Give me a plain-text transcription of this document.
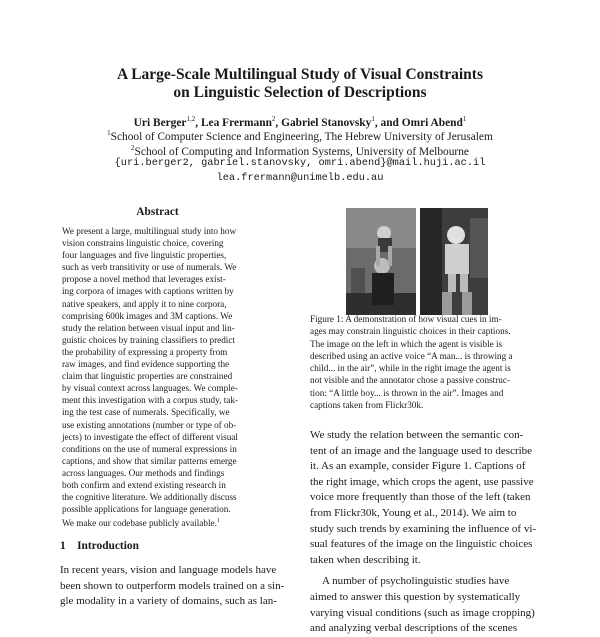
A Large-Scale Multilingual Study of Visual Constraints
on Linguistic Selection of Descriptions
Uri Berger$^{1,2}$, Lea Frermann$^2$, Gabriel Stanovsky$^1$, and Omri Abend$^1$
$^1$School of Computer Science and Engineering, The Hebrew University of Jerusalem
$^2$School of Computing and Information Systems, University of Melbourne
{uri.berger2, gabriel.stanovsky, omri.abend}@mail.huji.ac.il
lea.frermann@unimelb.edu.au
Abstract
We present a large, multilingual study into how
vision constrains linguistic choice, covering
four languages and five linguistic properties,
such as verb transitivity or use of numerals. We
propose a novel method that leverages exist-
ing corpora of images with captions written by
native speakers, and apply it to nine corpora,
comprising 600k images and 3M captions. We
study the relation between visual input and lin-
guistic choices by training classifiers to predict
the probability of expressing a property from
raw images, and find evidence supporting the
claim that linguistic properties are constrained
by visual context across languages. We comple-
ment this investigation with a corpus study, tak-
ing the test case of numerals. Specifically, we
use existing annotations (number or type of ob-
jects) to investigate the effect of different visual
conditions on the use of numeral expressions in
captions, and show that similar patterns emerge
across languages. Our methods and findings
both confirm and extend existing research in
the cognitive literature. We additionally discuss
possible applications for language generation.
We make our codebase publicly available.$^1$
1 Introduction
In recent years, vision and language models have
been shown to outperform models trained on a sin-
gle modality in a variety of domains, such as lan-
Figure 1: A demonstration of how visual cues in im-
ages may constrain linguistic choices in their captions.
The image on the left in which the agent is visible is
described using an active voice “A man... is throwing a
child... in the air”, while in the right image the agent is
not visible and the annotator chose a passive construc-
tion: “A little boy... is thrown in the air”. Images and
captions taken from Flickr30k.
We study the relation between the semantic con-
tent of an image and the language used to describe
it. As an example, consider Figure 1. Captions of
the right image, which crops the agent, use passive
voice more frequently than those of the left (taken
from Flickr30k, Young et al., 2014). We aim to
study such trends by examining the influence of vi-
sual features of the image on the linguistic choices
taken when describing it.
A number of psycholinguistic studies have
aimed to answer this question by systematically
varying visual conditions (such as image cropping)
and analyzing verbal descriptions of the scenes
